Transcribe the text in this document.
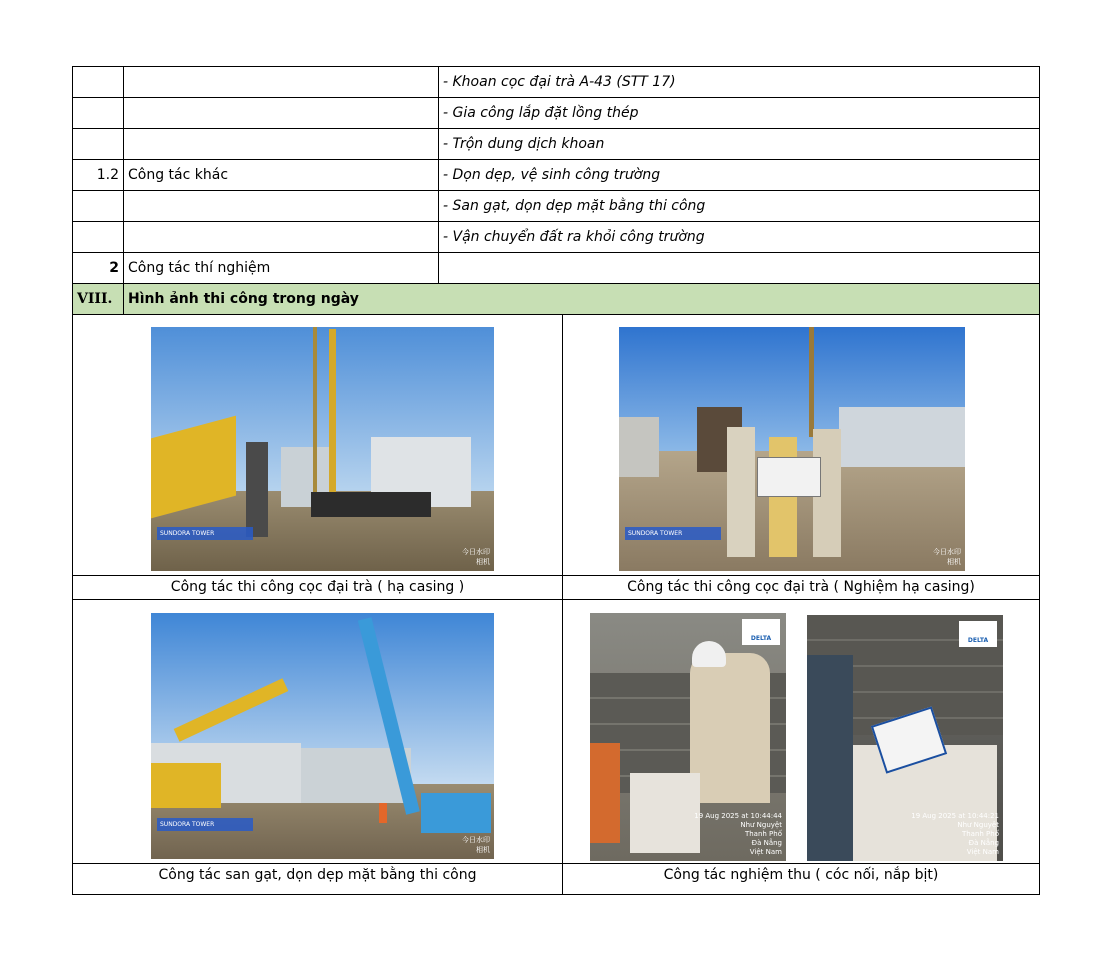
		- Khoan cọc đại trà A-43 (STT 17)
		- Gia công lắp đặt lồng thép
		- Trộn dung dịch khoan
1.2	Công tác khác	- Dọn dẹp, vệ sinh công trường
		- San gạt, dọn dẹp mặt bằng thi công
		- Vận chuyển đất ra khỏi công trường
2	Công tác thí nghiệm	
VIII.	Hình ảnh thi công trong ngày	
SUNDORA TOWER
今日水印
相机
SUNDORA TOWER
今日水印
相机
Công tác thi công cọc đại trà ( hạ casing )	Công tác thi công cọc đại trà ( Nghiệm hạ casing)
SUNDORA TOWER
今日水印
相机
DELTA
19 Aug 2025 at 10:44:44
Như Nguyệt
Thanh Phố
Đà Nẵng
Việt Nam
DELTA
19 Aug 2025 at 10:44:21
Như Nguyệt
Thanh Phố
Đà Nẵng
Việt Nam
Công tác san gạt, dọn dẹp mặt bằng thi công	Công tác nghiệm thu ( cóc nối, nắp bịt)
